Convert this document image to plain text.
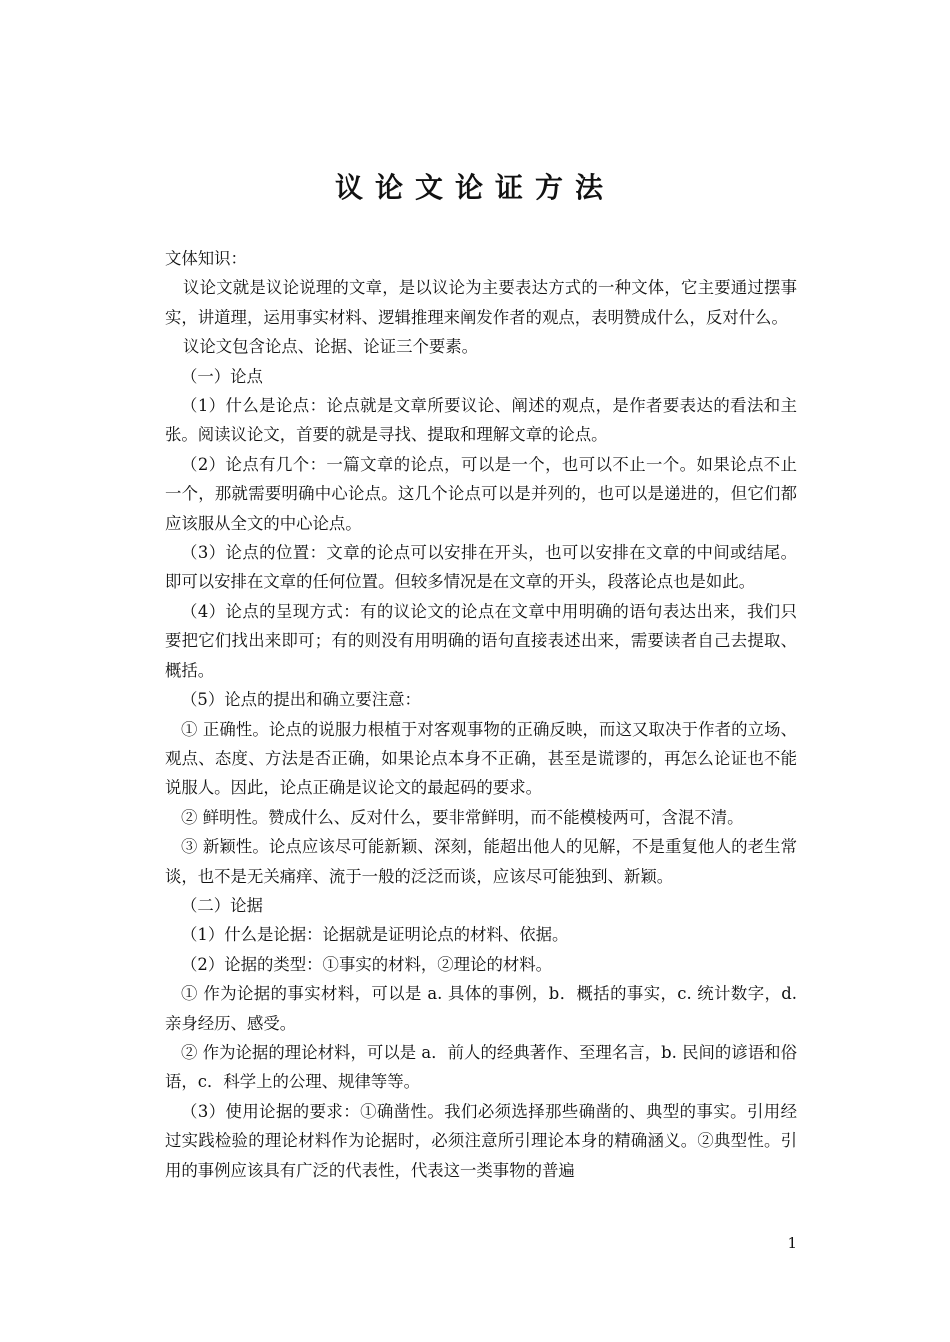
议论文论证方法

文体知识：

议论文就是议论说理的文章，是以议论为主要表达方式的一种文体，它主要通过摆事实，讲道理，运用事实材料、逻辑推理来阐发作者的观点，表明赞成什么，反对什么。

议论文包含论点、论据、论证三个要素。

（一）论点

（1）什么是论点：论点就是文章所要议论、阐述的观点，是作者要表达的看法和主张。阅读议论文，首要的就是寻找、提取和理解文章的论点。

（2）论点有几个：一篇文章的论点，可以是一个，也可以不止一个。如果论点不止一个，那就需要明确中心论点。这几个论点可以是并列的，也可以是递进的，但它们都应该服从全文的中心论点。

（3）论点的位置：文章的论点可以安排在开头，也可以安排在文章的中间或结尾。即可以安排在文章的任何位置。但较多情况是在文章的开头，段落论点也是如此。

（4）论点的呈现方式：有的议论文的论点在文章中用明确的语句表达出来，我们只要把它们找出来即可；有的则没有用明确的语句直接表述出来，需要读者自己去提取、概括。

（5）论点的提出和确立要注意：

① 正确性。论点的说服力根植于对客观事物的正确反映，而这又取决于作者的立场、观点、态度、方法是否正确，如果论点本身不正确，甚至是谎谬的，再怎么论证也不能说服人。因此，论点正确是议论文的最起码的要求。

② 鲜明性。赞成什么、反对什么，要非常鲜明，而不能模棱两可，含混不清。

③ 新颖性。论点应该尽可能新颖、深刻，能超出他人的见解，不是重复他人的老生常谈，也不是无关痛痒、流于一般的泛泛而谈，应该尽可能独到、新颖。

（二）论据

（1）什么是论据：论据就是证明论点的材料、依据。

（2）论据的类型：①事实的材料，②理论的材料。

① 作为论据的事实材料，可以是 a. 具体的事例，b．概括的事实，c. 统计数字，d. 亲身经历、感受。

② 作为论据的理论材料，可以是 a．前人的经典著作、至理名言，b. 民间的谚语和俗语，c．科学上的公理、规律等等。

（3）使用论据的要求：①确凿性。我们必须选择那些确凿的、典型的事实。引用经过实践检验的理论材料作为论据时，必须注意所引理论本身的精确涵义。②典型性。引用的事例应该具有广泛的代表性，代表这一类事物的普遍

1
